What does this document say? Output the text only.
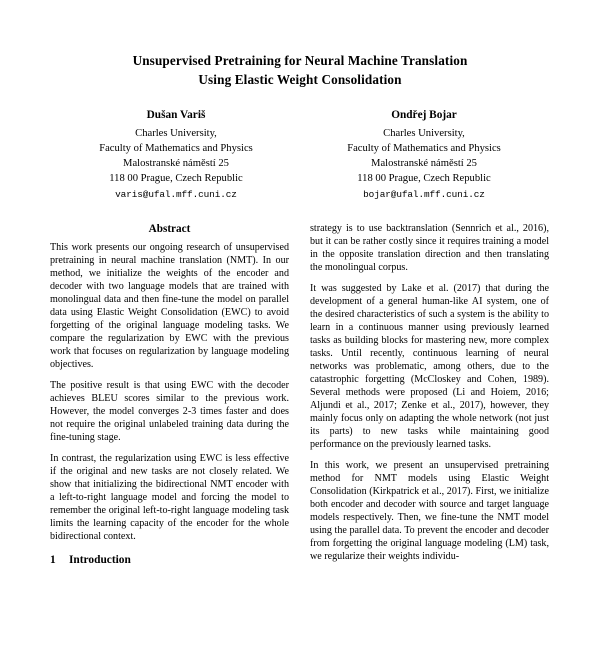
Unsupervised Pretraining for Neural Machine Translation
Using Elastic Weight Consolidation
Dušan Variš
Charles University,
Faculty of Mathematics and Physics
Malostranské náměstí 25
118 00 Prague, Czech Republic
varis@ufal.mff.cuni.cz
Ondřej Bojar
Charles University,
Faculty of Mathematics and Physics
Malostranské náměstí 25
118 00 Prague, Czech Republic
bojar@ufal.mff.cuni.cz
Abstract

This work presents our ongoing research of unsupervised pretraining in neural machine translation (NMT). In our method, we initialize the weights of the encoder and decoder with two language models that are trained with monolingual data and then fine-tune the model on parallel data using Elastic Weight Consolidation (EWC) to avoid forgetting of the original language modeling tasks. We compare the regularization by EWC with the previous work that focuses on regularization by language modeling objectives.

The positive result is that using EWC with the decoder achieves BLEU scores similar to the previous work. However, the model converges 2-3 times faster and does not require the original unlabeled training data during the fine-tuning stage.

In contrast, the regularization using EWC is less effective if the original and new tasks are not closely related. We show that initializing the bidirectional NMT encoder with a left-to-right language model and forcing the model to remember the original left-to-right language modeling task limits the learning capacity of the encoder for the whole bidirectional context.

1	Introduction

strategy is to use backtranslation (Sennrich et al., 2016), but it can be rather costly since it requires training a model in the opposite translation direction and then translating the monolingual corpus.

It was suggested by Lake et al. (2017) that during the development of a general human-like AI system, one of the desired characteristics of such a system is the ability to learn in a continuous manner using previously learned tasks as building blocks for mastering new, more complex tasks. Until recently, continuous learning of neural networks was problematic, among others, due to the catastrophic forgetting (McCloskey and Cohen, 1989). Several methods were proposed (Li and Hoiem, 2016; Aljundi et al., 2017; Zenke et al., 2017), however, they mainly focus only on adapting the whole network (not just its parts) to new tasks while maintaining good performance on the previously learned tasks.

In this work, we present an unsupervised pretraining method for NMT models using Elastic Weight Consolidation (Kirkpatrick et al., 2017). First, we initialize both encoder and decoder with source and target language models respectively. Then, we fine-tune the NMT model using the parallel data. To prevent the encoder and decoder from forgetting the original language modeling (LM) task, we regularize their weights individu-
